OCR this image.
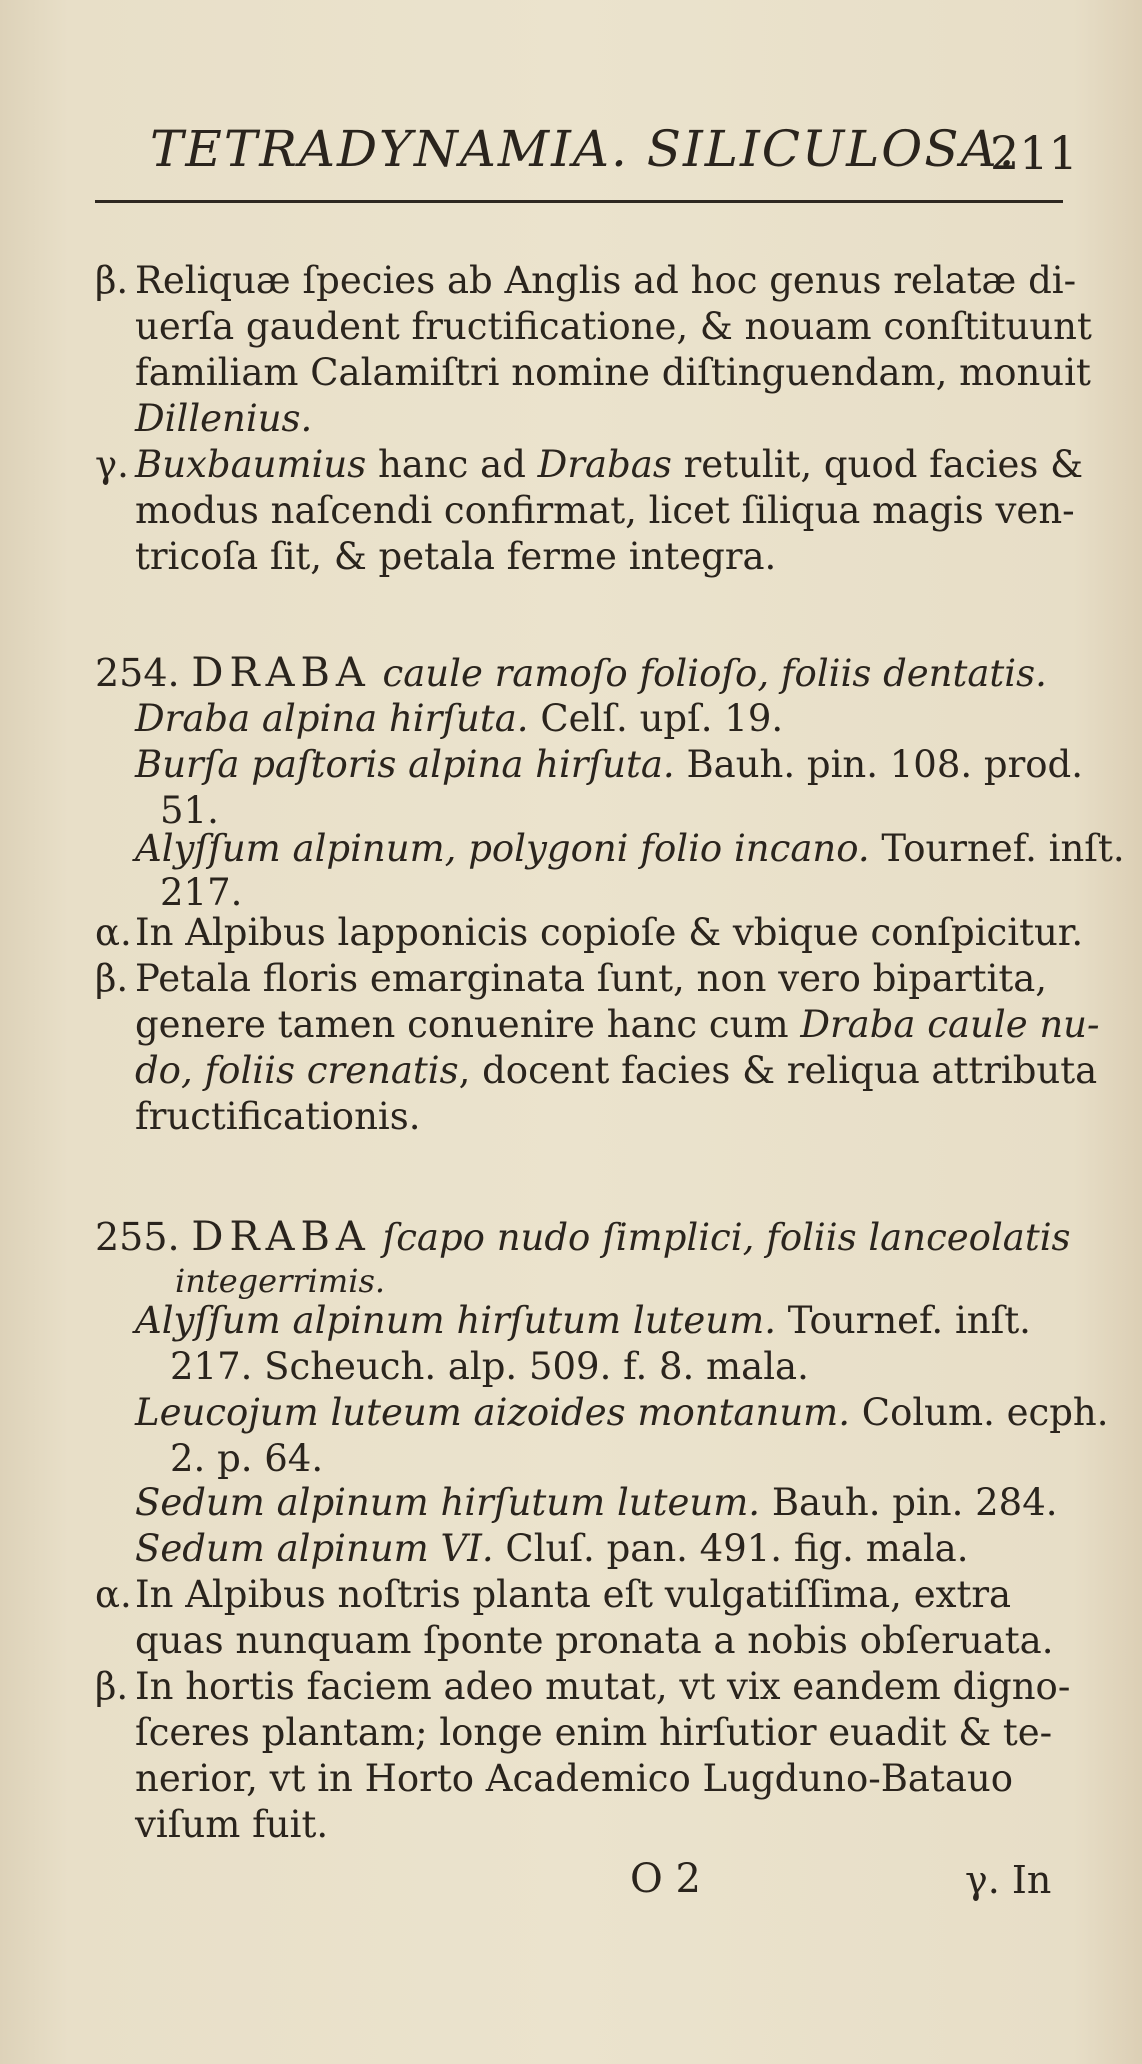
TETRADYNAMIA. SILICULOSA.
211
β. Reliquæ ſpecies ab Anglis ad hoc genus relatæ di-
uerſa gaudent fructificatione, & nouam conſtituunt
familiam Calamiſtri nomine diſtinguendam, monuit
Dillenius.
γ. Buxbaumius hanc ad Drabas retulit, quod facies &
modus naſcendi confirmat, licet ſiliqua magis ven-
tricoſa ſit, & petala ferme integra.
254. DRABA caule ramoſo folioſo, foliis dentatis.
Draba alpina hirſuta. Celſ. upſ. 19.
Burſa paſtoris alpina hirſuta. Bauh. pin. 108. prod.
51.
Alyſſum alpinum, polygoni folio incano. Tournef. inſt.
217.
α. In Alpibus lapponicis copioſe & vbique conſpicitur.
β. Petala floris emarginata ſunt, non vero bipartita,
genere tamen conuenire hanc cum Draba caule nu-
do, foliis crenatis, docent facies & reliqua attributa
fructificationis.
255. DRABA ſcapo nudo ſimplici, foliis lanceolatis
integerrimis.
Alyſſum alpinum hirſutum luteum. Tournef. inſt.
217. Scheuch. alp. 509. f. 8. mala.
Leucojum luteum aizoides montanum. Colum. ecph.
2. p. 64.
Sedum alpinum hirſutum luteum. Bauh. pin. 284.
Sedum alpinum VI. Cluſ. pan. 491. fig. mala.
α. In Alpibus noſtris planta eſt vulgatiſſima, extra
quas nunquam ſponte pronata a nobis obſeruata.
β. In hortis faciem adeo mutat, vt vix eandem digno-
ſceres plantam; longe enim hirſutior euadit & te-
nerior, vt in Horto Academico Lugduno-Batauo
viſum fuit.
O 2	γ. In
